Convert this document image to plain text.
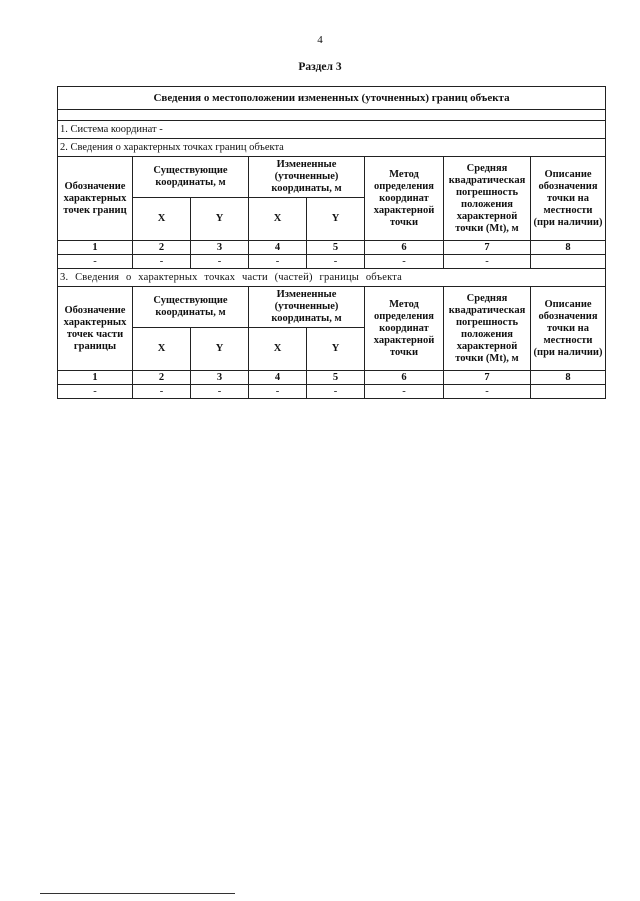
4
Раздел 3
Сведения о местоположении измененных (уточненных) границ объекта							

1. Система координат -							
2. Сведения о характерных точках границ объекта							
Обозначение характерных точек границ	Существующие координаты, м		Измененные (уточненные) координаты, м		Метод определения координат характерной точки	Средняя квадратическая погрешность положения характерной точки (Mt), м	Описание обозначения точки на местности (при наличии)
	X	Y	X	Y			
1	2	3	4	5	6	7	8
-	-	-	-	-	-	-	
3. Сведения о характерных точках части (частей) границы объекта							
Обозначение характерных точек части границы	Существующие координаты, м		Измененные (уточненные) координаты, м		Метод определения координат характерной точки	Средняя квадратическая погрешность положения характерной точки (Mt), м	Описание обозначения точки на местности (при наличии)
	X	Y	X	Y			
1	2	3	4	5	6	7	8
-	-	-	-	-	-	-	
